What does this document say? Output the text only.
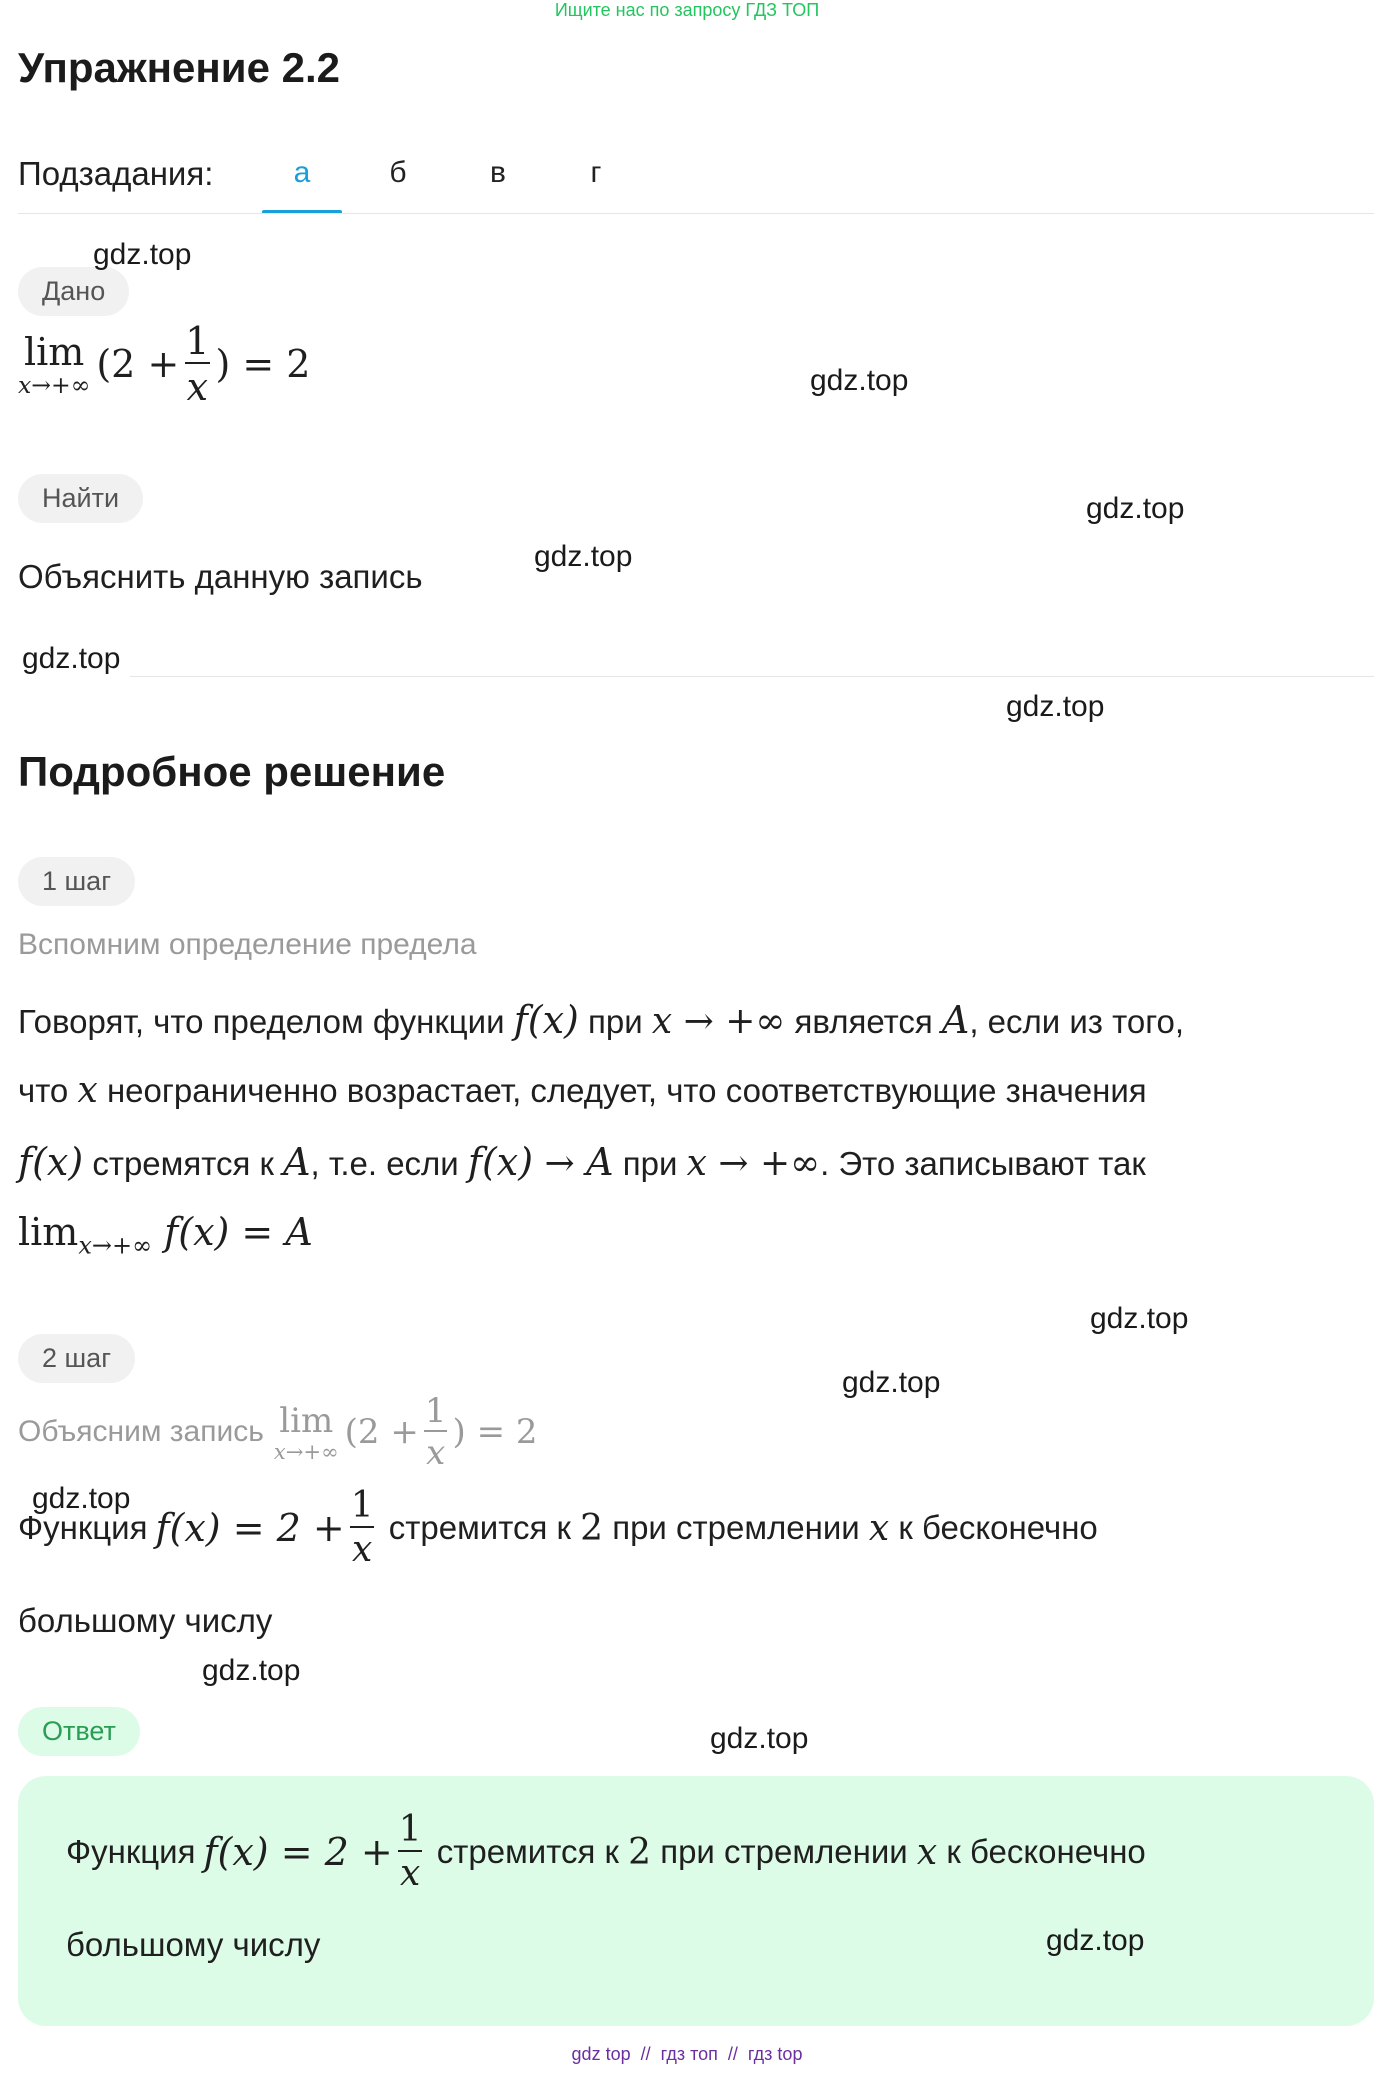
Ищите нас по запросу ГДЗ ТОП
Упражнение 2.2
Подзадания:	а	б	в	г
Дано
lim
x→+∞ ($2 + \frac{1}{x}$ ) = 2
Найти
Объяснить данную запись
Подробное решение
1 шаг
Вспомним определение предела
Говорят, что пределом функции f(x) при x → +∞ является A, если из того,
что x неограниченно возрастает, следует, что соответствующие значения
f(x) стремятся к A, т.е. если f(x) → A при x → +∞. Это записывают так
$\lim_{x\to+\infty} f(x) = A$
2 шаг
Объясним запись lim
x→+∞ ($2 + \frac{1}{x}$ ) = 2
Функция $f(x) = 2 + \frac{1}{x}$ стремится к 2 при стремлении x к бесконечно
большому числу
Ответ
Функция $f(x) = 2 + \frac{1}{x}$ стремится к 2 при стремлении x к бесконечно
большому числу
gdz.top
gdz.top
gdz.top
gdz.top
gdz.top
gdz.top
gdz.top
gdz.top
gdz.top
gdz.top
gdz.top
gdz.top
gdz top  //  гдз топ  //  гдз top
